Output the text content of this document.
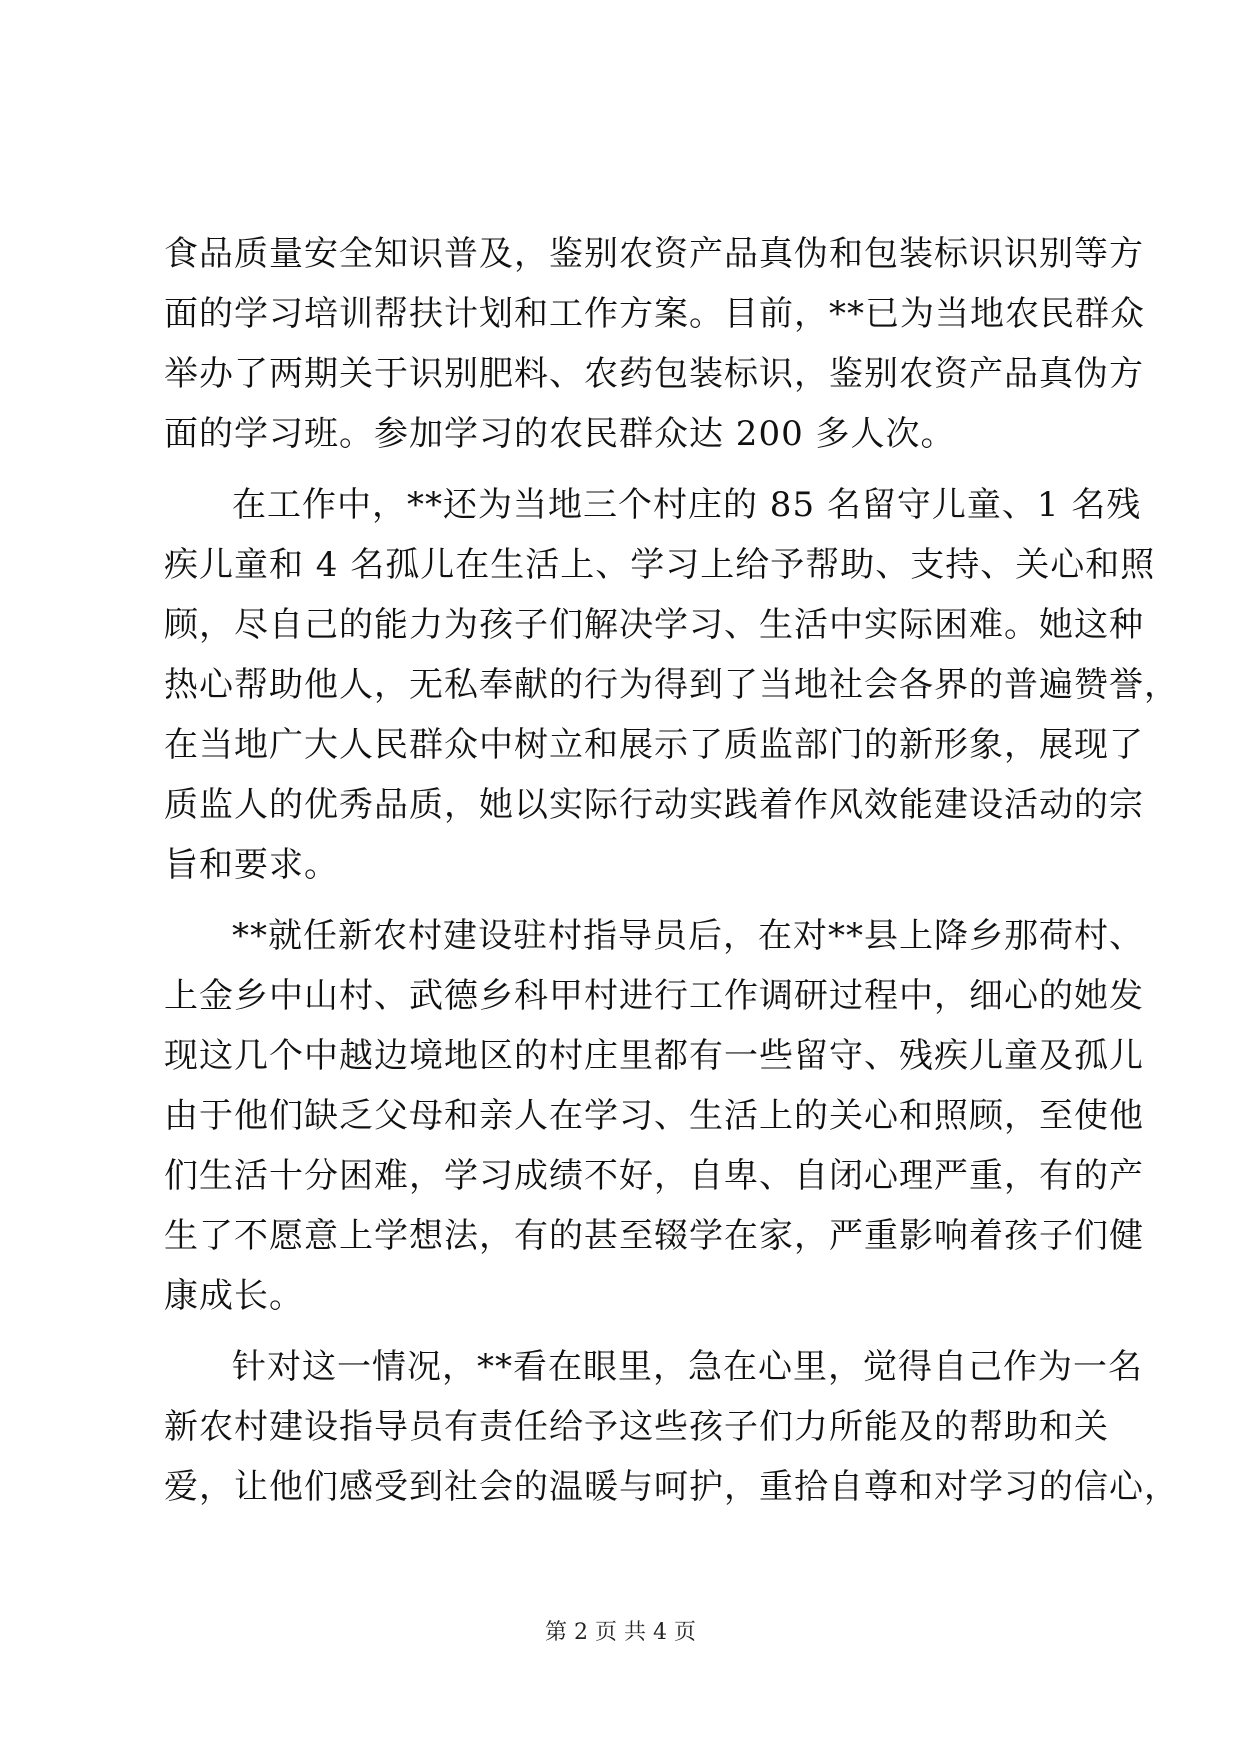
食品质量安全知识普及，鉴别农资产品真伪和包装标识识别等方
面的学习培训帮扶计划和工作方案。目前，**已为当地农民群众
举办了两期关于识别肥料、农药包装标识，鉴别农资产品真伪方
面的学习班。参加学习的农民群众达 200 多人次。
在工作中，**还为当地三个村庄的 85 名留守儿童、1 名残
疾儿童和 4 名孤儿在生活上、学习上给予帮助、支持、关心和照
顾，尽自己的能力为孩子们解决学习、生活中实际困难。她这种
热心帮助他人，无私奉献的行为得到了当地社会各界的普遍赞誉，
在当地广大人民群众中树立和展示了质监部门的新形象，展现了
质监人的优秀品质，她以实际行动实践着作风效能建设活动的宗
旨和要求。
**就任新农村建设驻村指导员后，在对**县上降乡那荷村、
上金乡中山村、武德乡科甲村进行工作调研过程中，细心的她发
现这几个中越边境地区的村庄里都有一些留守、残疾儿童及孤儿
由于他们缺乏父母和亲人在学习、生活上的关心和照顾，至使他
们生活十分困难，学习成绩不好，自卑、自闭心理严重，有的产
生了不愿意上学想法，有的甚至辍学在家，严重影响着孩子们健
康成长。
针对这一情况，**看在眼里，急在心里，觉得自己作为一名
新农村建设指导员有责任给予这些孩子们力所能及的帮助和关
爱，让他们感受到社会的温暖与呵护，重拾自尊和对学习的信心，
第 2 页 共 4 页
